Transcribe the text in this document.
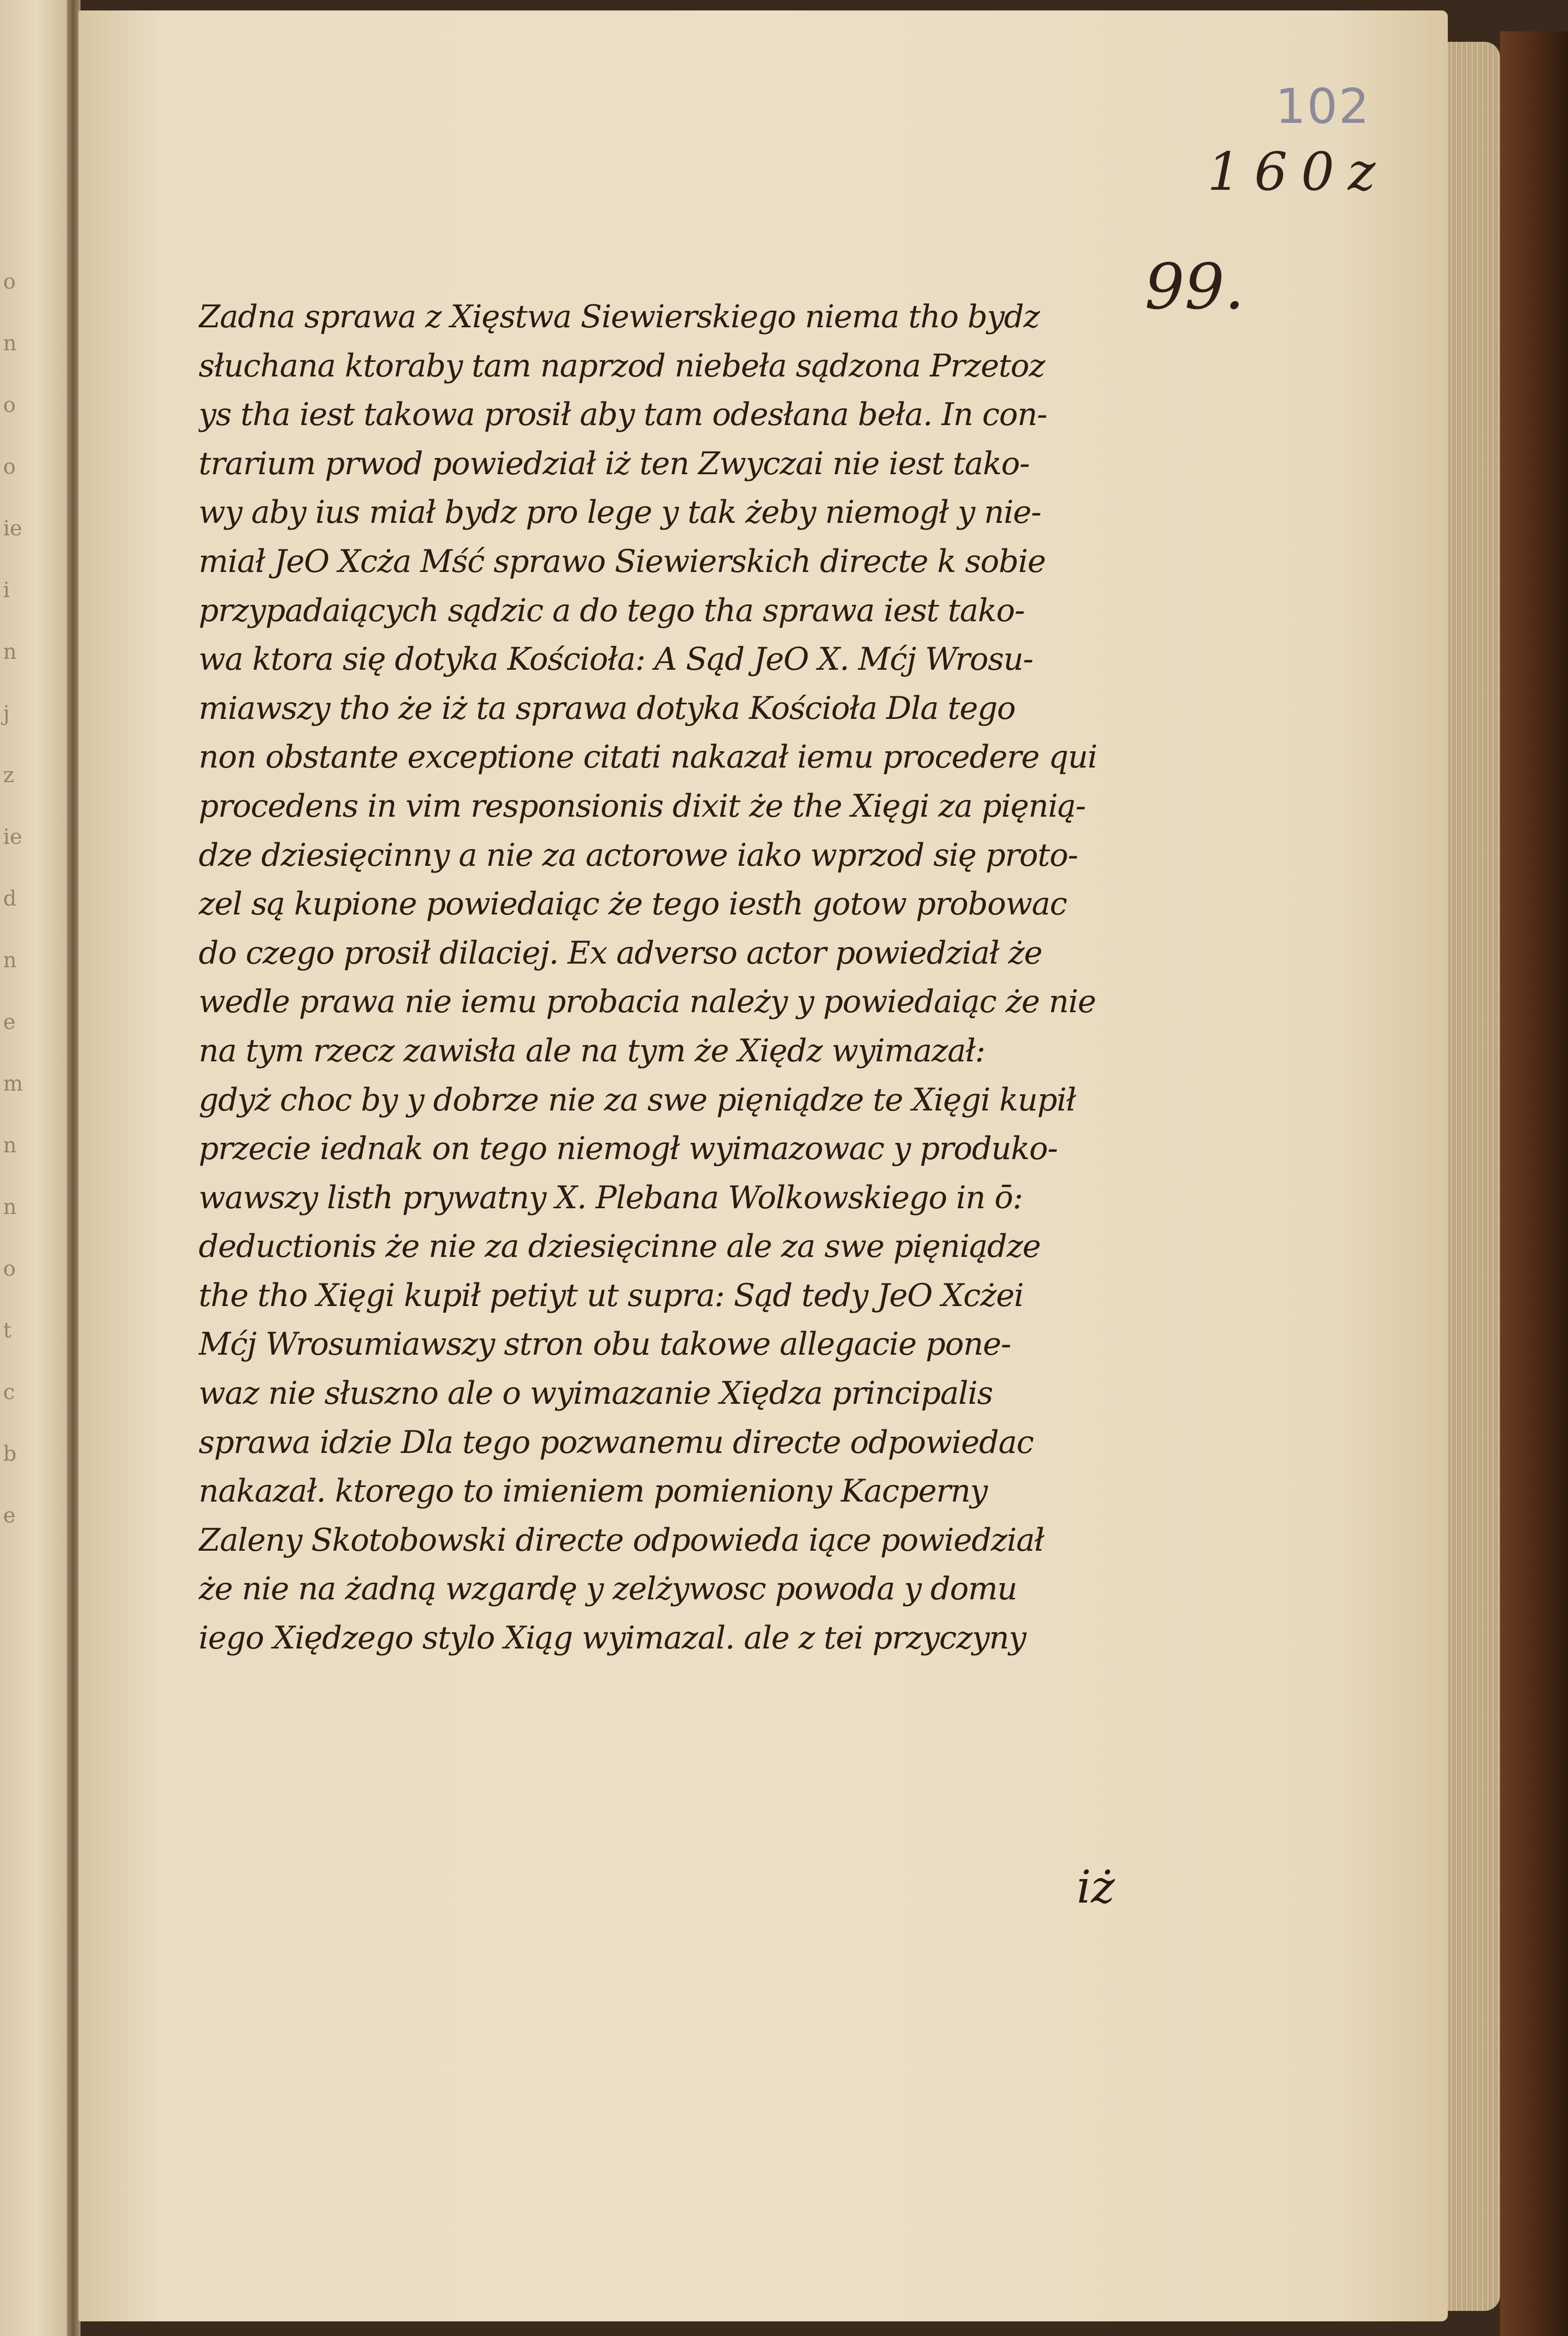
o
n
o
o
ie
i
n
j
z
ie
d
n
e
m
n
n
o
t
c
b
e
102
160z
99.
Zadna sprawa z Xięstwa Siewierskiego niema tho bydz
słuchana ktoraby tam naprzod niebeła sądzona Przetoz
ys tha iest takowa prosił aby tam odesłana beła. In con-
trarium prwod powiedział iż ten Zwyczai nie iest tako-
wy aby ius miał bydz pro lege y tak żeby niemogł y nie-
miał JeO Xcża Mść sprawo Siewierskich directe k sobie
przypadaiących sądzic a do tego tha sprawa iest tako-
wa ktora się dotyka Kościoła: A Sąd JeO X. Mćj Wrosu-
miawszy tho że iż ta sprawa dotyka Kościoła Dla tego
non obstante exceptione citati nakazał iemu procedere qui
procedens in vim responsionis dixit że the Xięgi za pięnią-
dze dziesięcinny a nie za actorowe iako wprzod się proto-
zel są kupione powiedaiąc że tego iesth gotow probowac
do czego prosił dilaciej. Ex adverso actor powiedział że
wedle prawa nie iemu probacia należy y powiedaiąc że nie
na tym rzecz zawisła ale na tym że Xiędz wyimazał:
gdyż choc by y dobrze nie za swe pięniądze te Xięgi kupił
przecie iednak on tego niemogł wyimazowac y produko-
wawszy listh prywatny X. Plebana Wolkowskiego in ō:
deductionis że nie za dziesięcinne ale za swe pięniądze
the tho Xięgi kupił petiyt ut supra: Sąd tedy JeO Xcżei
Mćj Wrosumiawszy stron obu takowe allegacie pone-
waz nie słuszno ale o wyimazanie Xiędza principalis
sprawa idzie Dla tego pozwanemu directe odpowiedac
nakazał. ktorego to imieniem pomieniony Kacperny
Zaleny Skotobowski directe odpowieda iące powiedział
że nie na żadną wzgardę y zelżywosc powoda y domu
iego Xiędzego stylo Xiąg wyimazal. ale z tei przyczyny
iż
